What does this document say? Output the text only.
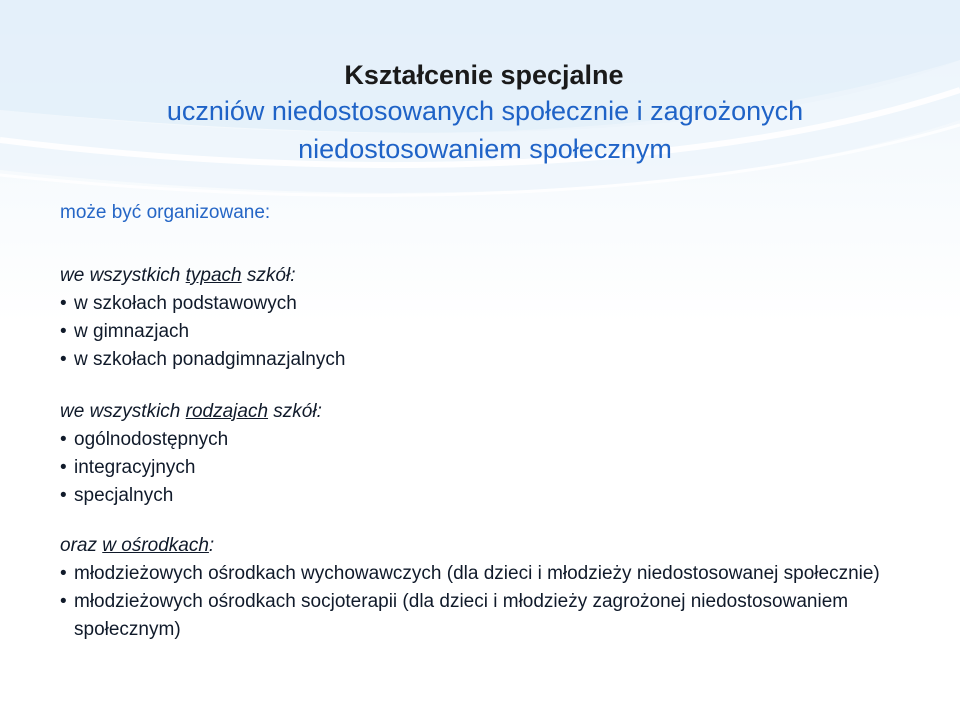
Kształcenie specjalne
uczniów niedostosowanych społecznie i zagrożonych
niedostosowaniem społecznym

może być organizowane:

we wszystkich typach szkół:

• w szkołach podstawowych
• w gimnazjach
• w szkołach ponadgimnazjalnych

we wszystkich rodzajach szkół:

• ogólnodostępnych
• integracyjnych
• specjalnych

oraz w ośrodkach:

• młodzieżowych ośrodkach wychowawczych (dla dzieci i młodzieży niedostosowanej społecznie)
• młodzieżowych ośrodkach socjoterapii (dla dzieci i młodzieży zagrożonej niedostosowaniem społecznym)
